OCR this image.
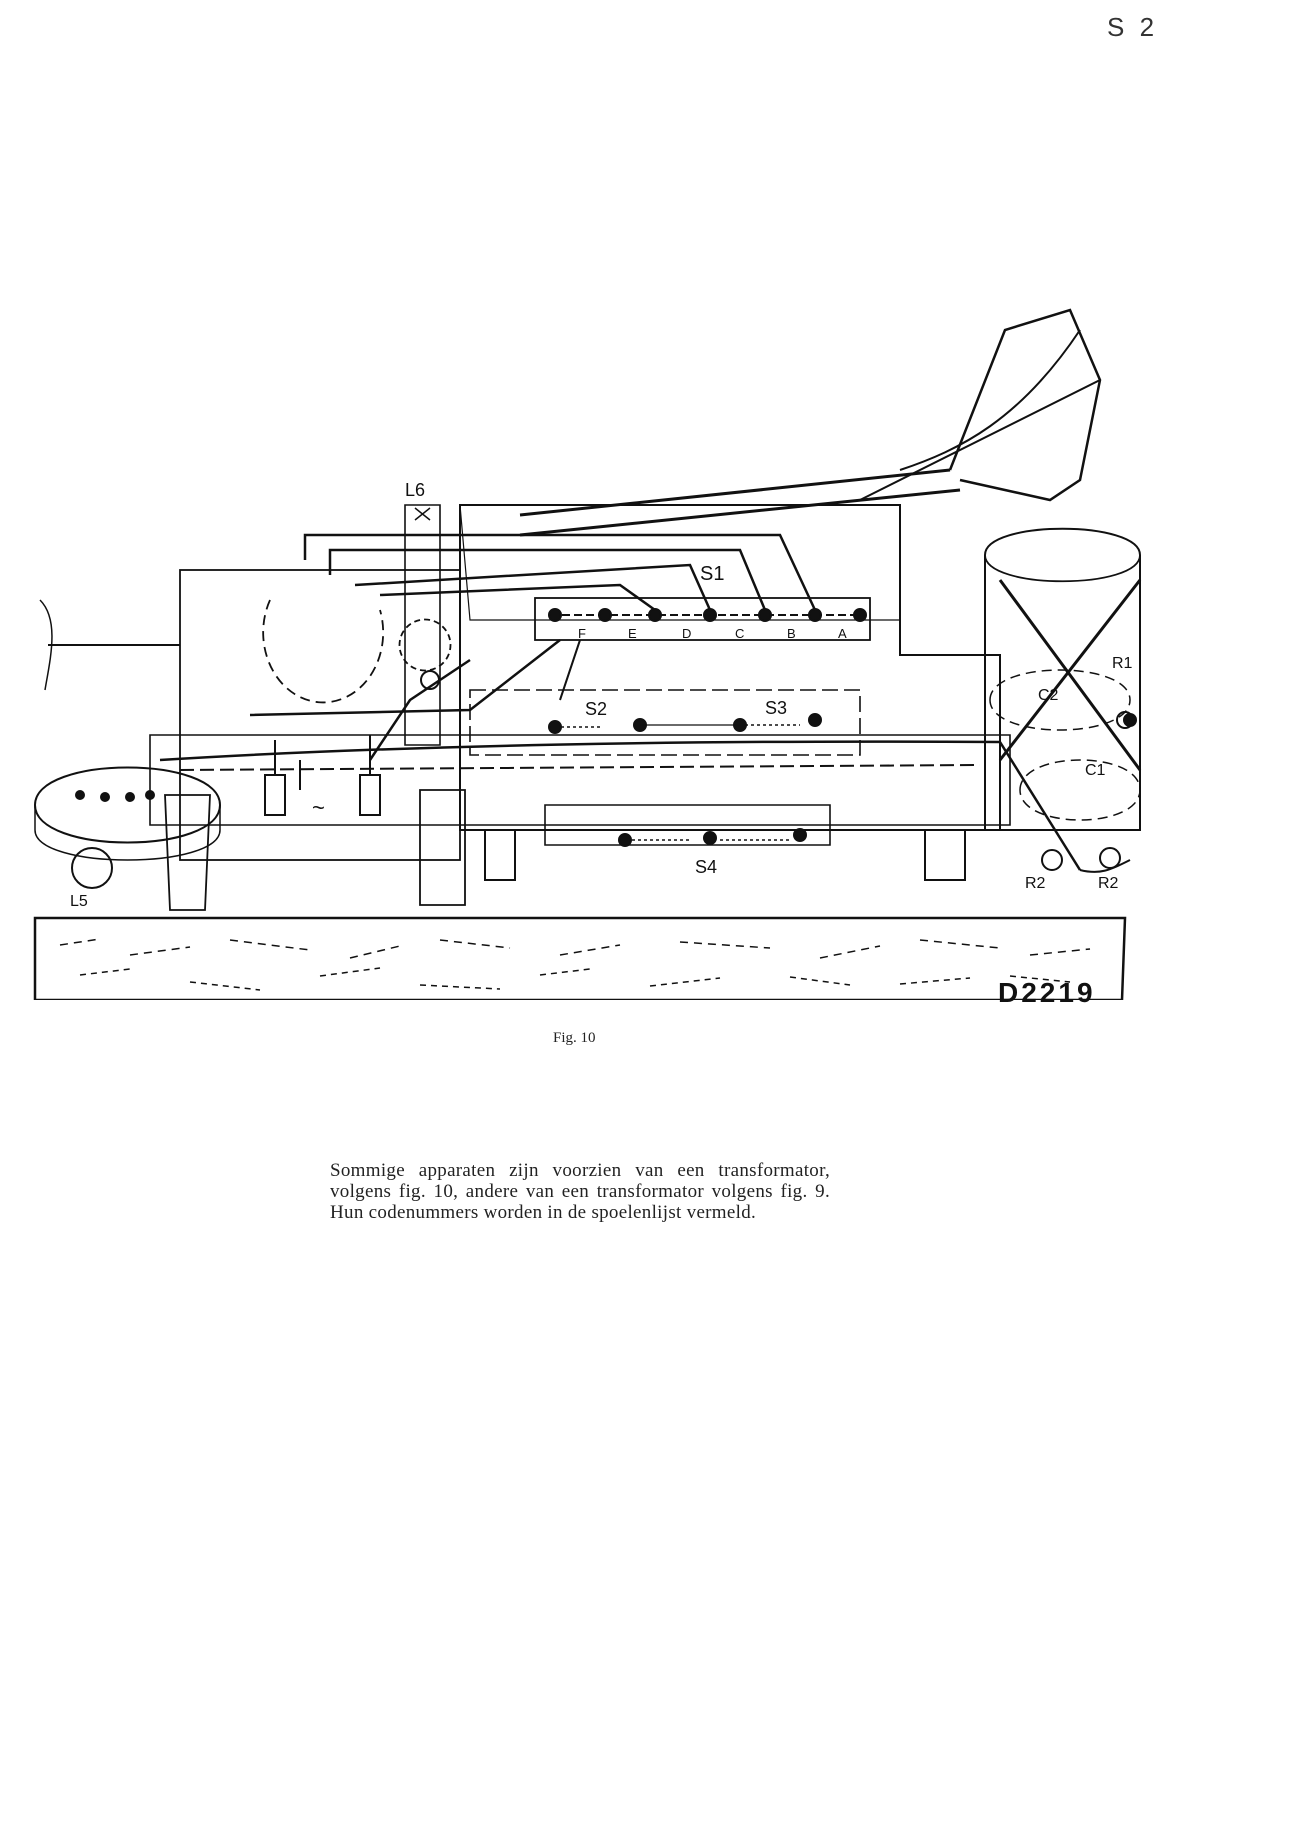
S 2
L6
S1
F	E	D	C	B	A
S2	S3
S4
R1
C2
C1
R2	R2
L5
~
D2219
Fig. 10
Sommige apparaten zijn voorzien van een transformator, volgens fig. 10, andere van een transformator volgens fig. 9. Hun codenummers worden in de spoelenlijst vermeld.
